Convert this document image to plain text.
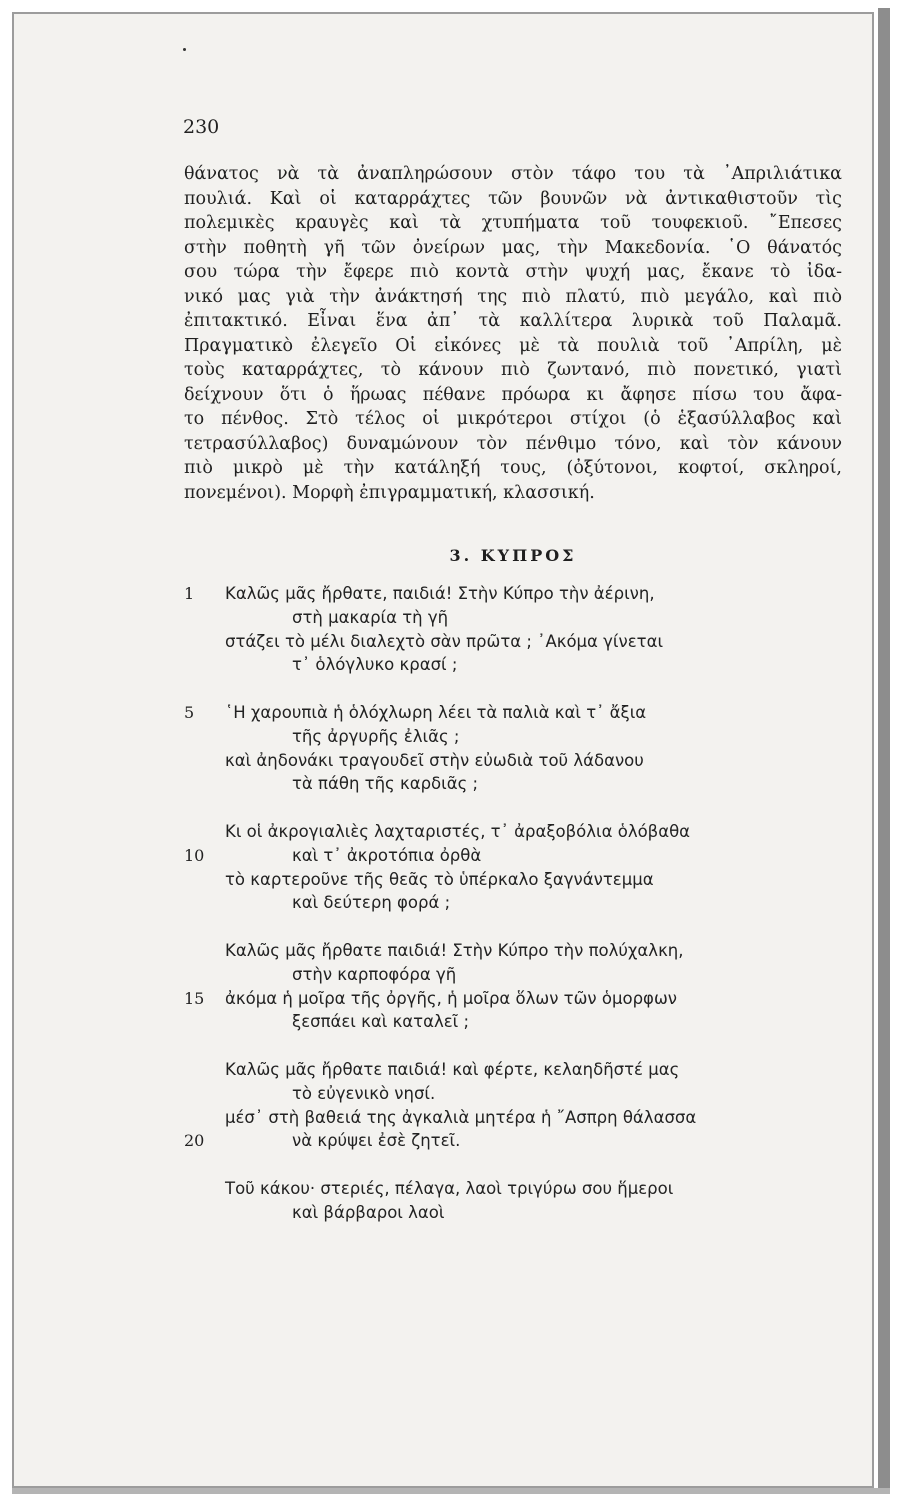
230
θάνατος νὰ τὰ ἀναπληρώσουν στὸν τάφο του τὰ ᾿Απριλιάτικα
πουλιά. Καὶ οἱ καταρράχτες τῶν βουνῶν νὰ ἀντικαθιστοῦν τὶς
πολεμικὲς κραυγὲς καὶ τὰ χτυπήματα τοῦ τουφεκιοῦ. ῎Επεσες
στὴν ποθητὴ γῆ τῶν ὀνείρων μας, τὴν Μακεδονία. ῾Ο θάνατός
σου τώρα τὴν ἔφερε πιὸ κοντὰ στὴν ψυχή μας, ἔκανε τὸ ἰδα-
νικό μας γιὰ τὴν ἀνάκτησή της πιὸ πλατύ, πιὸ μεγάλο, καὶ πιὸ
ἐπιτακτικό. Εἶναι ἕνα ἀπ᾿ τὰ καλλίτερα λυρικὰ τοῦ Παλαμᾶ.
Πραγματικὸ ἐλεγεῖο Οἱ εἰκόνες μὲ τὰ πουλιὰ τοῦ ᾿Απρίλη, μὲ
τοὺς καταρράχτες, τὸ κάνουν πιὸ ζωντανό, πιὸ πονετικό, γιατὶ
δείχνουν ὅτι ὁ ἥρωας πέθανε πρόωρα κι ἄφησε πίσω του ἄφα-
το πένθος. Στὸ τέλος οἱ μικρότεροι στίχοι (ὁ ἑξασύλλαβος καὶ
τετρασύλλαβος) δυναμώνουν τὸν πένθιμο τόνο, καὶ τὸν κάνουν
πιὸ μικρὸ μὲ τὴν κατάληξή τους, (ὀξύτονοι, κοφτοί, σκληροί,
πονεμένοι). Μορφὴ ἐπιγραμματική, κλασσική.
3. ΚΥΠΡΟΣ
1 Καλῶς μᾶς ἤρθατε, παιδιά! Στὴν Κύπρο τὴν ἀέρινη,
στὴ μακαρία τὴ γῆ
στάζει τὸ μέλι διαλεχτὸ σὰν πρῶτα ; ᾿Ακόμα γίνεται
τ᾿ ὁλόγλυκο κρασί ;
5 ῾Η χαρουπιὰ ἡ ὁλόχλωρη λέει τὰ παλιὰ καὶ τ᾿ ἄξια
τῆς ἀργυρῆς ἐλιᾶς ;
καὶ ἀηδονάκι τραγουδεῖ στὴν εὐωδιὰ τοῦ λάδανου
τὰ πάθη τῆς καρδιᾶς ;
Κι οἱ ἀκρογιαλιὲς λαχταριστές, τ᾿ ἀραξοβόλια ὁλόβαθα
10	καὶ τ᾿ ἀκροτόπια ὀρθὰ
τὸ καρτεροῦνε τῆς θεᾶς τὸ ὑπέρκαλο ξαγνάντεμμα
καὶ δεύτερη φορά ;
Καλῶς μᾶς ἤρθατε παιδιά! Στὴν Κύπρο τὴν πολύχαλκη,
στὴν καρποφόρα γῆ
15 ἀκόμα ἡ μοῖρα τῆς ὀργῆς, ἡ μοῖρα ὅλων τῶν ὁμορφων
ξεσπάει καὶ καταλεῖ ;
Καλῶς μᾶς ἤρθατε παιδιά! καὶ φέρτε, κελαηδῆστέ μας
τὸ εὐγενικὸ νησί.
μέσ᾿ στὴ βαθειά της ἀγκαλιὰ μητέρα ἡ ῎Ασπρη θάλασσα
20	νὰ κρύψει ἐσὲ ζητεῖ.
Τοῦ κάκου· στεριές, πέλαγα, λαοὶ τριγύρω σου ἥμεροι
καὶ βάρβαροι λαοὶ
